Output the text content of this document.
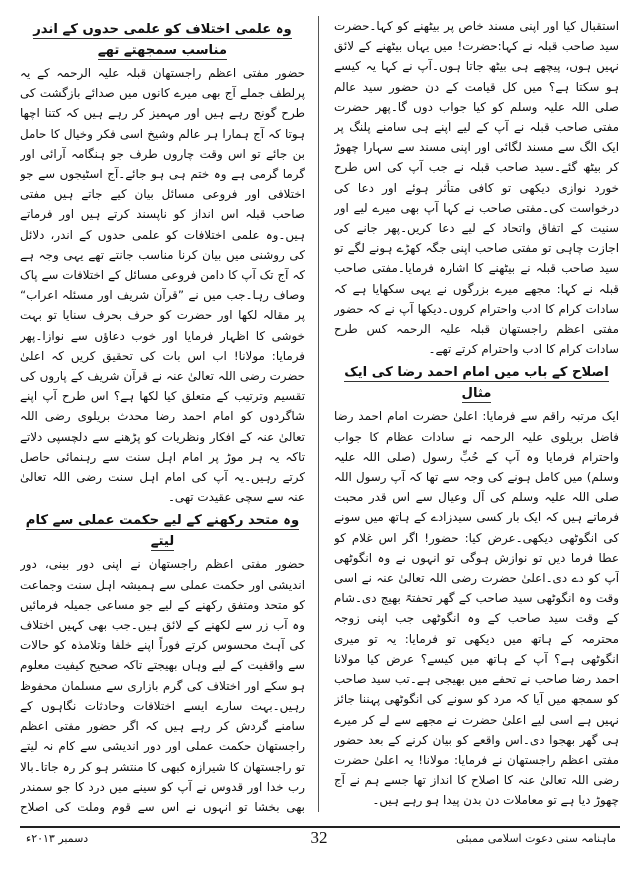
استقبال کیا اور اپنی مسند خاص پر بیٹھنے کو کہا۔حضرت سید صاحب قبلہ نے کہا:حضرت! میں یہاں بیٹھنے کے لائق نہیں ہوں، پیچھے ہی بیٹھ جاتا ہوں۔آپ نے کہا یہ کیسے ہو سکتا ہے؟ میں کل قیامت کے دن حضور سید عالم صلی اللہ علیہ وسلم کو کیا جواب دوں گا۔پھر حضرت مفتی صاحب قبلہ نے آپ کے لیے اپنے ہی سامنے پلنگ پر ایک الگ سے مسند لگائی اور اپنی مسند سے سہارا چھوڑ کر بیٹھ گئے۔سید صاحب قبلہ نے جب آپ کی اس طرح خورد نوازی دیکھی تو کافی متأثر ہوئے اور دعا کی درخواست کی۔مفتی صاحب نے کہا آپ بھی میرے لیے اور سنیت کے اتفاق واتحاد کے لیے دعا کریں۔پھر جانے کی اجازت چاہی تو مفتی صاحب اپنی جگہ کھڑے ہونے لگے تو سید صاحب قبلہ نے بیٹھنے کا اشارہ فرمایا۔مفتی صاحب قبلہ نے کہا: مجھے میرے بزرگوں نے یہی سکھایا ہے کہ سادات کرام کا ادب واحترام کروں۔دیکھا آپ نے کہ حضور مفتی اعظم راجستھان قبلہ علیہ الرحمہ کس طرح سادات کرام کا ادب واحترام کرتے تھے۔

اصلاح کے باب میں امام احمد رضا کی ایک مثال

ایک مرتبہ راقم سے فرمایا: اعلیٰ حضرت امام احمد رضا فاضل بریلوی علیہ الرحمہ نے سادات عظام کا جواب واحترام فرمایا وہ آپ کے حُبِّ رسول (صلی اللہ علیہ وسلم) میں کامل ہونے کی وجہ سے تھا کہ آپ رسول اللہ صلی اللہ علیہ وسلم کی آل وعیال سے اس قدر محبت فرماتے ہیں کہ ایک بار کسی سیدزادے کے ہاتھ میں سونے کی انگوٹھی دیکھی۔عرض کیا: حضور! اگر اس غلام کو عطا فرما دیں تو نوازش ہوگی تو انہوں نے وہ انگوٹھی آپ کو دے دی۔اعلیٰ حضرت رضی اللہ تعالیٰ عنہ نے اسی وقت وہ انگوٹھی سید صاحب کے گھر تحفتہً بھیج دی۔شام کے وقت سید صاحب کے وہ انگوٹھی جب اپنی زوجہ محترمہ کے ہاتھ میں دیکھی تو فرمایا: یہ تو میری انگوٹھی ہے؟ آپ کے ہاتھ میں کیسے؟ عرض کیا مولانا احمد رضا صاحب نے تحفے میں بھیجی ہے۔تب سید صاحب کو سمجھ میں آیا کہ مرد کو سونے کی انگوٹھی پہننا جائز نہیں ہے اسی لیے اعلیٰ حضرت نے مجھے سے لے کر میرے ہی گھر بھجوا دی۔اس واقعے کو بیان کرنے کے بعد حضور مفتی اعظم راجستھان نے فرمایا: مولانا! یہ اعلیٰ حضرت رضی اللہ تعالیٰ عنہ کا اصلاح کا انداز تھا جسے ہم نے آج چھوڑ دیا ہے تو معاملات دن بدن پیدا ہو رہے ہیں۔

وہ علمی اختلاف کو علمی حدوں کے اندر مناسب سمجھتے تھے

حضور مفتی اعظم راجستھان قبلہ علیہ الرحمہ کے یہ پرلطف جملے آج بھی میرے کانوں میں صدائے بازگشت کی طرح گونج رہے ہیں اور مہمیز کر رہے ہیں کہ کتنا اچھا ہوتا کہ آج ہمارا ہر عالم وشیخ اسی فکر وخیال کا حامل بن جائے تو اس وقت چاروں طرف جو ہنگامہ آرائی اور گرما گرمی ہے وہ ختم ہی ہو جائے۔آج اسٹیجوں سے جو اختلافی اور فروعی مسائل بیان کیے جاتے ہیں مفتی صاحب قبلہ اس انداز کو ناپسند کرتے ہیں اور فرماتے ہیں۔وہ علمی اختلافات کو علمی حدوں کے اندر، دلائل کی روشنی میں بیان کرنا مناسب جانتے تھے یہی وجہ ہے کہ آج تک آپ کا دامن فروعی مسائل کے اختلافات سے پاک وصاف رہا۔جب میں نے ”قرآن شریف اور مسئلہ اعراب“ پر مقالہ لکھا اور حضرت کو حرف بحرف سنایا تو بہت خوشی کا اظہار فرمایا اور خوب دعاؤں سے نوازا۔پھر فرمایا: مولانا! اب اس بات کی تحقیق کریں کہ اعلیٰ حضرت رضی اللہ تعالیٰ عنہ نے قرآن شریف کے پاروں کی تقسیم وترتیب کے متعلق کیا لکھا ہے؟ اس طرح آپ اپنے شاگردوں کو امام احمد رضا محدث بریلوی رضی اللہ تعالیٰ عنہ کے افکار ونظریات کو پڑھنے سے دلچسپی دلاتے تاکہ یہ ہر موڑ پر امام اہل سنت سے رہنمائی حاصل کرتے رہیں۔یہ آپ کی امام اہل سنت رضی اللہ تعالیٰ عنہ سے سچی عقیدت تھی۔

وہ متحد رکھنے کے لیے حکمت عملی سے کام لیتے

حضور مفتی اعظم راجستھان نے اپنی دور بینی، دور اندیشی اور حکمت عملی سے ہمیشہ اہل سنت وجماعت کو متحد ومتفق رکھنے کے لیے جو مساعی جمیلہ فرمائیں وہ آب زر سے لکھنے کے لائق ہیں۔جب بھی کہیں اختلاف کی آہٹ محسوس کرتے فوراً اپنے خلفا وتلامذہ کو حالات سے واقفیت کے لیے وہاں بھیجتے تاکہ صحیح کیفیت معلوم ہو سکے اور اختلاف کی گرم بازاری سے مسلمان محفوظ رہیں۔بہت سارے ایسے اختلافات وحادثات نگاہوں کے سامنے گردش کر رہے ہیں کہ اگر حضور مفتی اعظم راجستھان حکمت عملی اور دور اندیشی سے کام نہ لیتے تو راجستھان کا شیرازہ کبھی کا منتشر ہو کر رہ جاتا۔بالا رب خدا اور قدوس نے آپ کو سینے میں درد کا جو سمندر بھی بخشا تو انہوں نے اس سے قوم وملت کی اصلاح

32	ماہنامہ سنی دعوت اسلامی ممبئی
دسمبر ۲۰۱۳ء
